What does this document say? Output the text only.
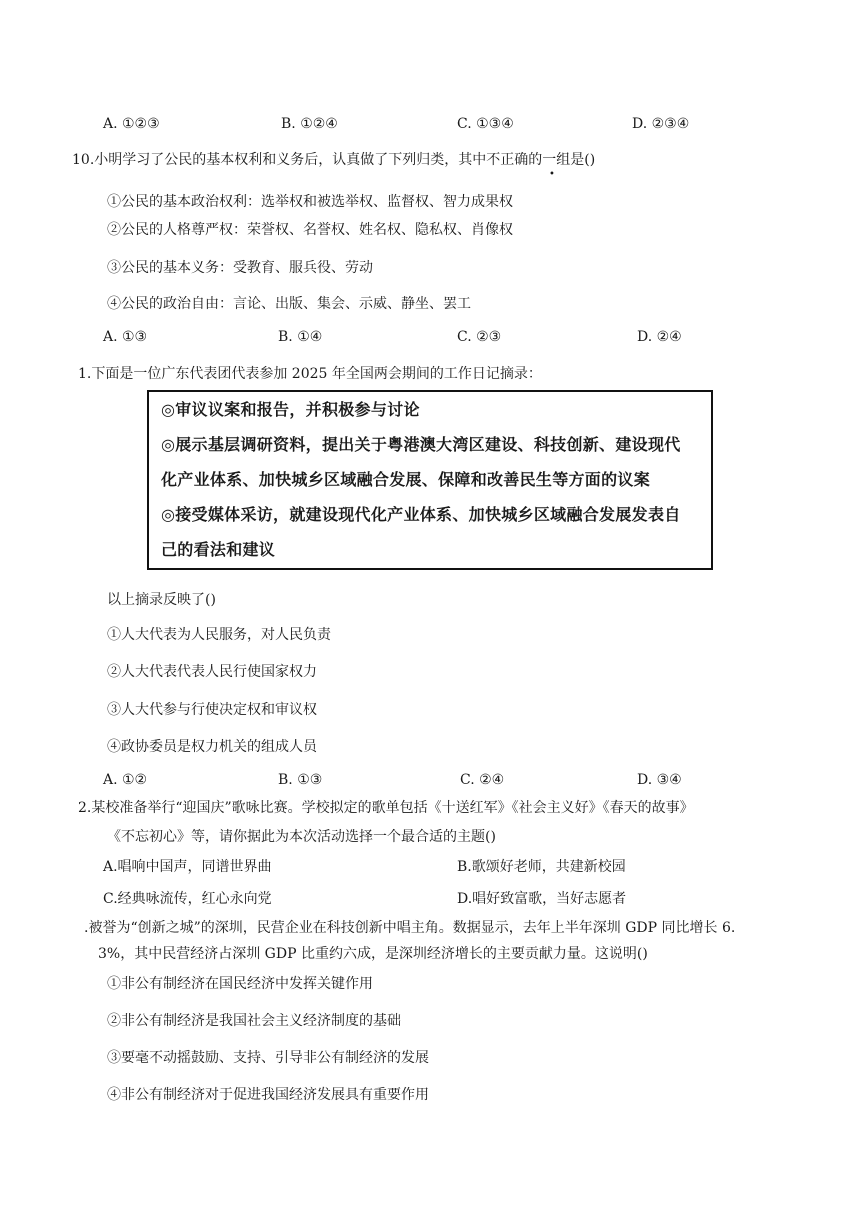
A. ①②③	B. ①②④	C. ①③④	D. ②③④
10.小明学习了公民的基本权利和义务后，认真做了下列归类，其中不正确的一组是()
•
①公民的基本政治权利：选举权和被选举权、监督权、智力成果权
②公民的人格尊严权：荣誉权、名誉权、姓名权、隐私权、肖像权
③公民的基本义务：受教育、服兵役、劳动
④公民的政治自由：言论、出版、集会、示威、静坐、罢工
A. ①③	B. ①④	C. ②③	D. ②④
1.下面是一位广东代表团代表参加 2025 年全国两会期间的工作日记摘录：
◎审议议案和报告，并积极参与讨论
◎展示基层调研资料，提出关于粤港澳大湾区建设、科技创新、建设现代
化产业体系、加快城乡区域融合发展、保障和改善民生等方面的议案
◎接受媒体采访，就建设现代化产业体系、加快城乡区域融合发展发表自
己的看法和建议
以上摘录反映了()
①人大代表为人民服务，对人民负责
②人大代表代表人民行使国家权力
③人大代参与行使决定权和审议权
④政协委员是权力机关的组成人员
A. ①②	B. ①③	C. ②④	D. ③④
2.某校准备举行“迎国庆”歌咏比赛。学校拟定的歌单包括《十送红军》《社会主义好》《春天的故事》
《不忘初心》等，请你据此为本次活动选择一个最合适的主题()
A.唱响中国声，同谱世界曲	B.歌颂好老师，共建新校园
C.经典咏流传，红心永向党	D.唱好致富歌，当好志愿者
.被誉为“创新之城”的深圳，民营企业在科技创新中唱主角。数据显示，去年上半年深圳 GDP 同比增长 6.
3%，其中民营经济占深圳 GDP 比重约六成，是深圳经济增长的主要贡献力量。这说明()
①非公有制经济在国民经济中发挥关键作用
②非公有制经济是我国社会主义经济制度的基础
③要毫不动摇鼓励、支持、引导非公有制经济的发展
④非公有制经济对于促进我国经济发展具有重要作用
